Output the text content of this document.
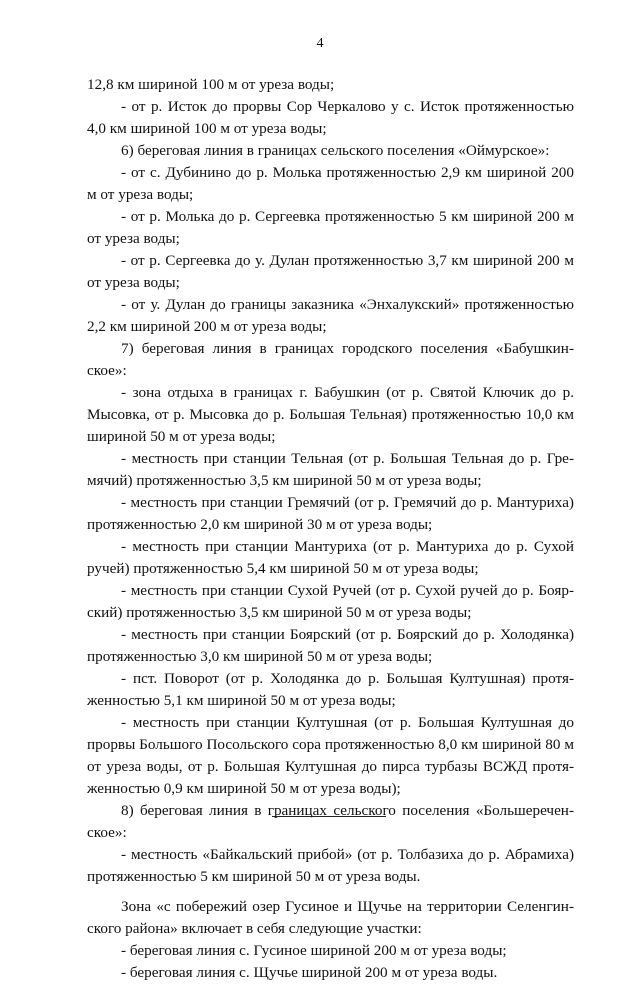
4

12,8 км шириной 100 м от уреза воды;

- от р. Исток до прорвы Сор Черкалово у с. Исток протяженностью 4,0 км шириной 100 м от уреза воды;

6) береговая линия в границах сельского поселения «Оймурское»:

- от с. Дубинино до р. Молька протяженностью 2,9 км шириной 200 м от уреза воды;

- от р. Молька до р. Сергеевка протяженностью 5 км шириной 200 м от уреза воды;

- от р. Сергеевка до у. Дулан протяженностью 3,7 км шириной 200 м от уреза воды;

- от у. Дулан до границы заказника «Энхалукский» протяженностью 2,2 км шириной 200 м от уреза воды;

7) береговая линия в границах городского поселения «Бабушкинское»:

- зона отдыха в границах г. Бабушкин (от р. Святой Ключик до р. Мысовка, от р. Мысовка до р. Большая Тельная) протяженностью 10,0 км шириной 50 м от уреза воды;

- местность при станции Тельная (от р. Большая Тельная до р. Гремячий) протяженностью 3,5 км шириной 50 м от уреза воды;

- местность при станции Гремячий (от р. Гремячий до р. Мантуриха) протяженностью 2,0 км шириной 30 м от уреза воды;

- местность при станции Мантуриха (от р. Мантуриха до р. Сухой ручей) протяженностью 5,4 км шириной 50 м от уреза воды;

- местность при станции Сухой Ручей (от р. Сухой ручей до р. Боярский) протяженностью 3,5 км шириной 50 м от уреза воды;

- местность при станции Боярский (от р. Боярский до р. Холодянка) протяженностью 3,0 км шириной 50 м от уреза воды;

- пст. Поворот (от р. Холодянка до р. Большая Култушная) протяженностью 5,1 км шириной 50 м от уреза воды;

- местность при станции Култушная (от р. Большая Култушная до прорвы Большого Посольского сора протяженностью 8,0 км шириной 80 м от уреза воды, от р. Большая Култушная до пирса турбазы ВСЖД протяженностью 0,9 км шириной 50 м от уреза воды);

8) береговая линия в границах сельского поселения «Большереченское»:

- местность «Байкальский прибой» (от р. Толбазиха до р. Абрамиха) протяженностью 5 км шириной 50 м от уреза воды.

Зона «с побережий озер Гусиное и Щучье на территории Селенгинского района» включает в себя следующие участки:

- береговая линия с. Гусиное шириной 200 м от уреза воды;

- береговая линия с. Щучье шириной 200 м от уреза воды.
